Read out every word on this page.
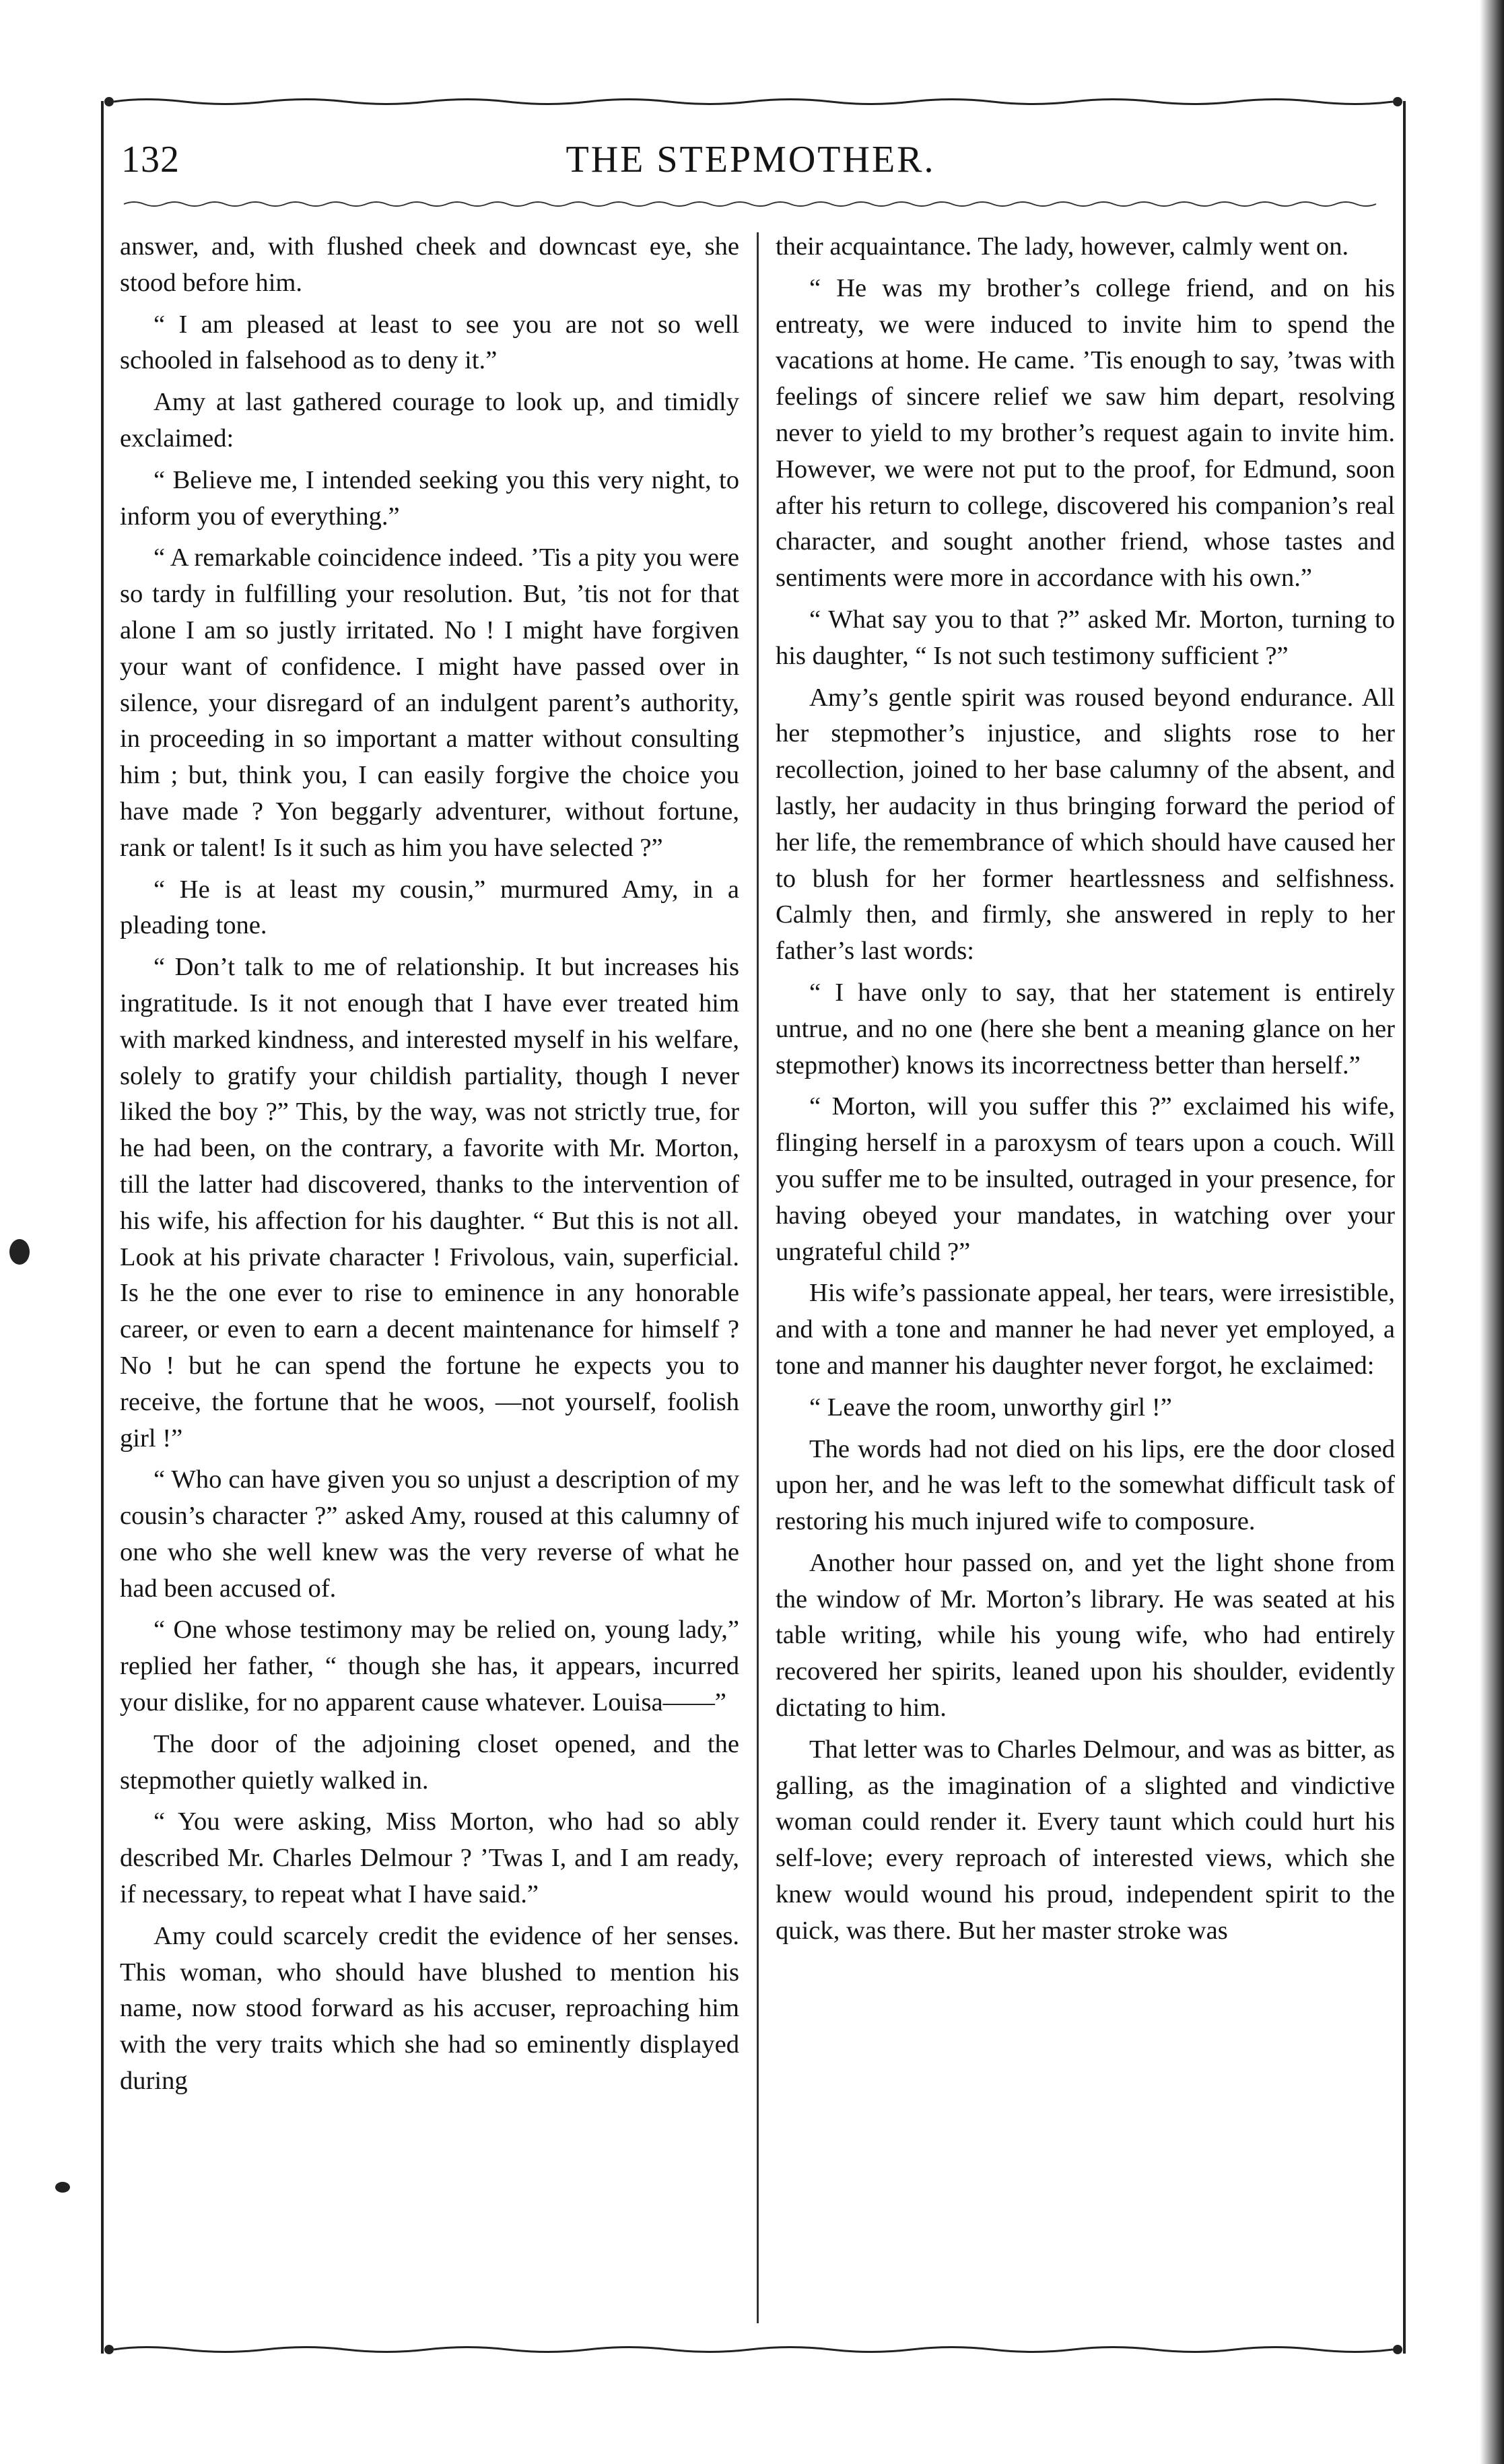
132	THE STEPMOTHER.

answer, and, with flushed cheek and downcast eye, she stood before him.

“ I am pleased at least to see you are not so well schooled in falsehood as to deny it.”

Amy at last gathered courage to look up, and timidly exclaimed:

“ Believe me, I intended seeking you this very night, to inform you of everything.”

“ A remarkable coincidence indeed. ’Tis a pity you were so tardy in fulfilling your resolution. But, ’tis not for that alone I am so justly irritated. No ! I might have forgiven your want of confidence. I might have passed over in silence, your disregard of an indulgent parent’s authority, in proceeding in so important a matter without consulting him ; but, think you, I can easily forgive the choice you have made ? Yon beggarly adventurer, without fortune, rank or talent! Is it such as him you have selected ?”

“ He is at least my cousin,” murmured Amy, in a pleading tone.

“ Don’t talk to me of relationship. It but increases his ingratitude. Is it not enough that I have ever treated him with marked kindness, and interested myself in his welfare, solely to gratify your childish partiality, though I never liked the boy ?” This, by the way, was not strictly true, for he had been, on the contrary, a favorite with Mr. Morton, till the latter had discovered, thanks to the intervention of his wife, his affection for his daughter. “ But this is not all. Look at his private character ! Frivolous, vain, superficial. Is he the one ever to rise to eminence in any honorable career, or even to earn a decent maintenance for himself ? No ! but he can spend the fortune he expects you to receive, the fortune that he woos, —not yourself, foolish girl !”

“ Who can have given you so unjust a description of my cousin’s character ?” asked Amy, roused at this calumny of one who she well knew was the very reverse of what he had been accused of.

“ One whose testimony may be relied on, young lady,” replied her father, “ though she has, it appears, incurred your dislike, for no apparent cause whatever. Louisa——”

The door of the adjoining closet opened, and the stepmother quietly walked in.

“ You were asking, Miss Morton, who had so ably described Mr. Charles Delmour ? ’Twas I, and I am ready, if necessary, to repeat what I have said.”

Amy could scarcely credit the evidence of her senses. This woman, who should have blushed to mention his name, now stood forward as his accuser, reproaching him with the very traits which she had so eminently displayed during

their acquaintance. The lady, however, calmly went on.

“ He was my brother’s college friend, and on his entreaty, we were induced to invite him to spend the vacations at home. He came. ’Tis enough to say, ’twas with feelings of sincere relief we saw him depart, resolving never to yield to my brother’s request again to invite him. However, we were not put to the proof, for Edmund, soon after his return to college, discovered his companion’s real character, and sought another friend, whose tastes and sentiments were more in accordance with his own.”

“ What say you to that ?” asked Mr. Morton, turning to his daughter, “ Is not such testimony sufficient ?”

Amy’s gentle spirit was roused beyond endurance. All her stepmother’s injustice, and slights rose to her recollection, joined to her base calumny of the absent, and lastly, her audacity in thus bringing forward the period of her life, the remembrance of which should have caused her to blush for her former heartlessness and selfishness. Calmly then, and firmly, she answered in reply to her father’s last words:

“ I have only to say, that her statement is entirely untrue, and no one (here she bent a meaning glance on her stepmother) knows its incorrectness better than herself.”

“ Morton, will you suffer this ?” exclaimed his wife, flinging herself in a paroxysm of tears upon a couch. Will you suffer me to be insulted, outraged in your presence, for having obeyed your mandates, in watching over your ungrateful child ?”

His wife’s passionate appeal, her tears, were irresistible, and with a tone and manner he had never yet employed, a tone and manner his daughter never forgot, he exclaimed:

“ Leave the room, unworthy girl !”

The words had not died on his lips, ere the door closed upon her, and he was left to the somewhat difficult task of restoring his much injured wife to composure.

Another hour passed on, and yet the light shone from the window of Mr. Morton’s library. He was seated at his table writing, while his young wife, who had entirely recovered her spirits, leaned upon his shoulder, evidently dictating to him.

That letter was to Charles Delmour, and was as bitter, as galling, as the imagination of a slighted and vindictive woman could render it. Every taunt which could hurt his self-love; every reproach of interested views, which she knew would wound his proud, independent spirit to the quick, was there. But her master stroke was
